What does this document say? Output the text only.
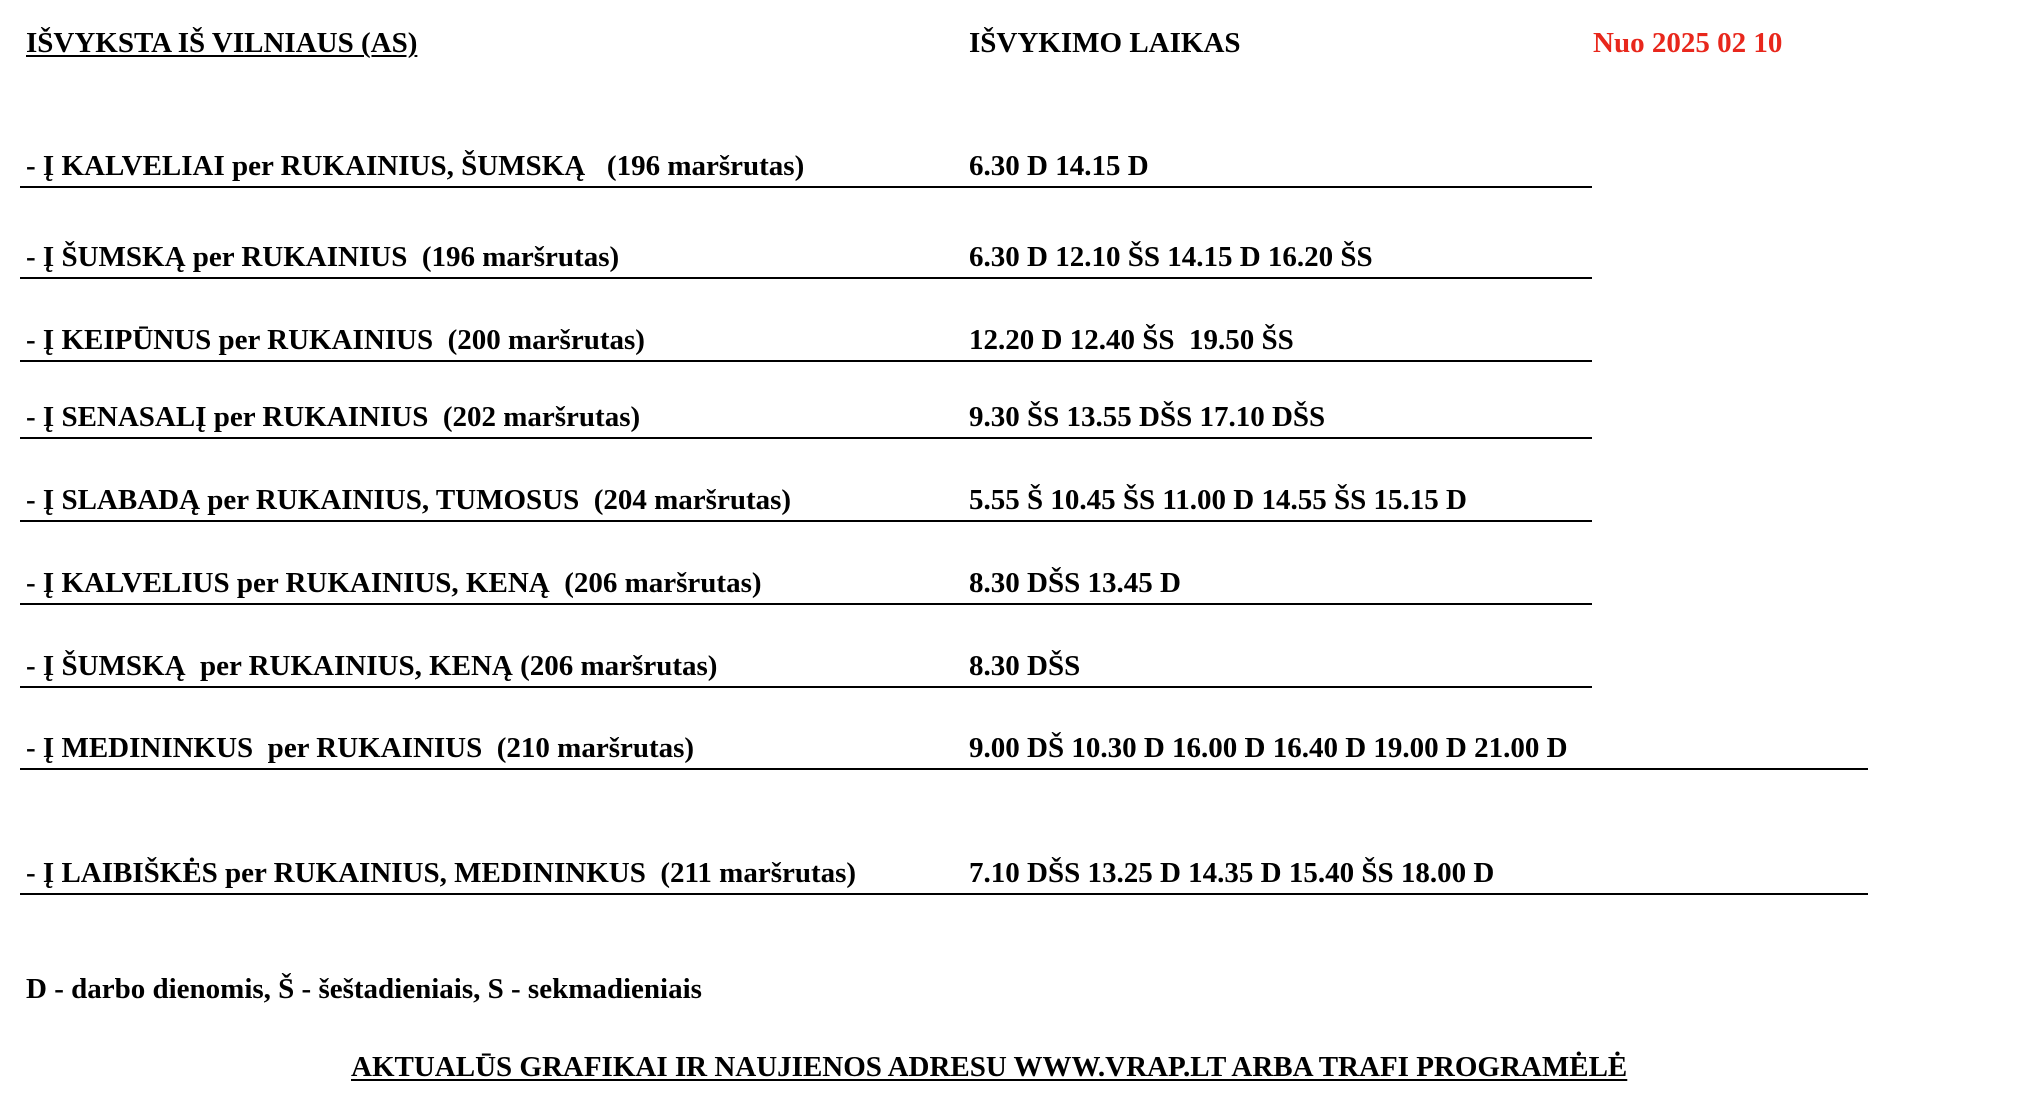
IŠVYKSTA IŠ VILNIAUS (AS)	IŠVYKIMO LAIKAS	Nuo 2025 02 10
- Į KALVELIAI per RUKAINIUS, ŠUMSKĄ   (196 maršrutas)	6.30 D 14.15 D
- Į ŠUMSKĄ per RUKAINIUS  (196 maršrutas)	6.30 D 12.10 ŠS 14.15 D 16.20 ŠS
- Į KEIPŪNUS per RUKAINIUS  (200 maršrutas)	12.20 D 12.40 ŠS  19.50 ŠS
- Į SENASALĮ per RUKAINIUS  (202 maršrutas)	9.30 ŠS 13.55 DŠS 17.10 DŠS
- Į SLABADĄ per RUKAINIUS, TUMOSUS  (204 maršrutas)	5.55 Š 10.45 ŠS 11.00 D 14.55 ŠS 15.15 D
- Į KALVELIUS per RUKAINIUS, KENĄ  (206 maršrutas)	8.30 DŠS 13.45 D
- Į ŠUMSKĄ  per RUKAINIUS, KENĄ (206 maršrutas)	8.30 DŠS
- Į MEDININKUS  per RUKAINIUS  (210 maršrutas)	9.00 DŠ 10.30 D 16.00 D 16.40 D 19.00 D 21.00 D
- Į LAIBIŠKĖS per RUKAINIUS, MEDININKUS  (211 maršrutas)	7.10 DŠS 13.25 D 14.35 D 15.40 ŠS 18.00 D
D - darbo dienomis, Š - šeštadieniais, S - sekmadieniais
AKTUALŪS GRAFIKAI IR NAUJIENOS ADRESU WWW.VRAP.LT ARBA TRAFI PROGRAMĖLĖ
